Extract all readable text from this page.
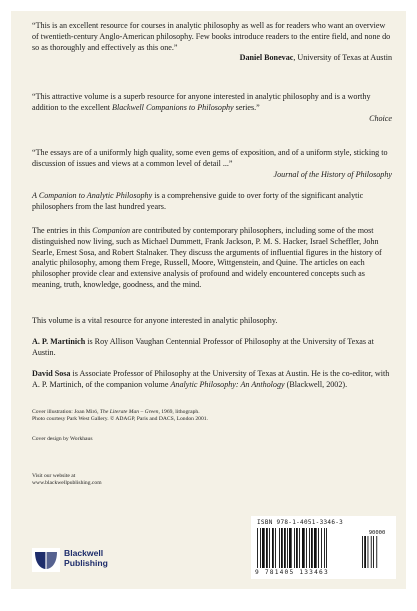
“This is an excellent resource for courses in analytic philosophy as well as for readers who want an overview of twentieth-century Anglo-American philosophy. Few books introduce readers to the entire field, and none do so as thoroughly and effectively as this one.”

Daniel Bonevac, University of Texas at Austin

“This attractive volume is a superb resource for anyone interested in analytic philosophy and is a worthy addition to the excellent Blackwell Companions to Philosophy series.”

Choice

“The essays are of a uniformly high quality, some even gems of exposition, and of a uniform style, sticking to discussion of issues and views at a common level of detail ...”

Journal of the History of Philosophy

A Companion to Analytic Philosophy is a comprehensive guide to over forty of the significant analytic philosophers from the last hundred years.

The entries in this Companion are contributed by contemporary philosophers, including some of the most distinguished now living, such as Michael Dummett, Frank Jackson, P. M. S. Hacker, Israel Scheffler, John Searle, Ernest Sosa, and Robert Stalnaker. They discuss the arguments of influential figures in the history of analytic philosophy, among them Frege, Russell, Moore, Wittgenstein, and Quine. The articles on each philosopher provide clear and extensive analysis of profound and widely encountered concepts such as meaning, truth, knowledge, goodness, and the mind.

This volume is a vital resource for anyone interested in analytic philosophy.

A. P. Martinich is Roy Allison Vaughan Centennial Professor of Philosophy at the University of Texas at Austin.

David Sosa is Associate Professor of Philosophy at the University of Texas at Austin. He is the co-editor, with A. P. Martinich, of the companion volume Analytic Philosophy: An Anthology (Blackwell, 2002).

Cover illustration: Joan Miró, The Literate Man – Green, 1969, lithograph.
Photo courtesy Park West Gallery. © ADAGP, Paris and DACS, London 2001.

Cover design by Workhaus

Visit our website at
www.blackwellpublishing.com

Blackwell
Publishing
ISBN 978-1-4051-3346-3
90000
9 781405 133463
